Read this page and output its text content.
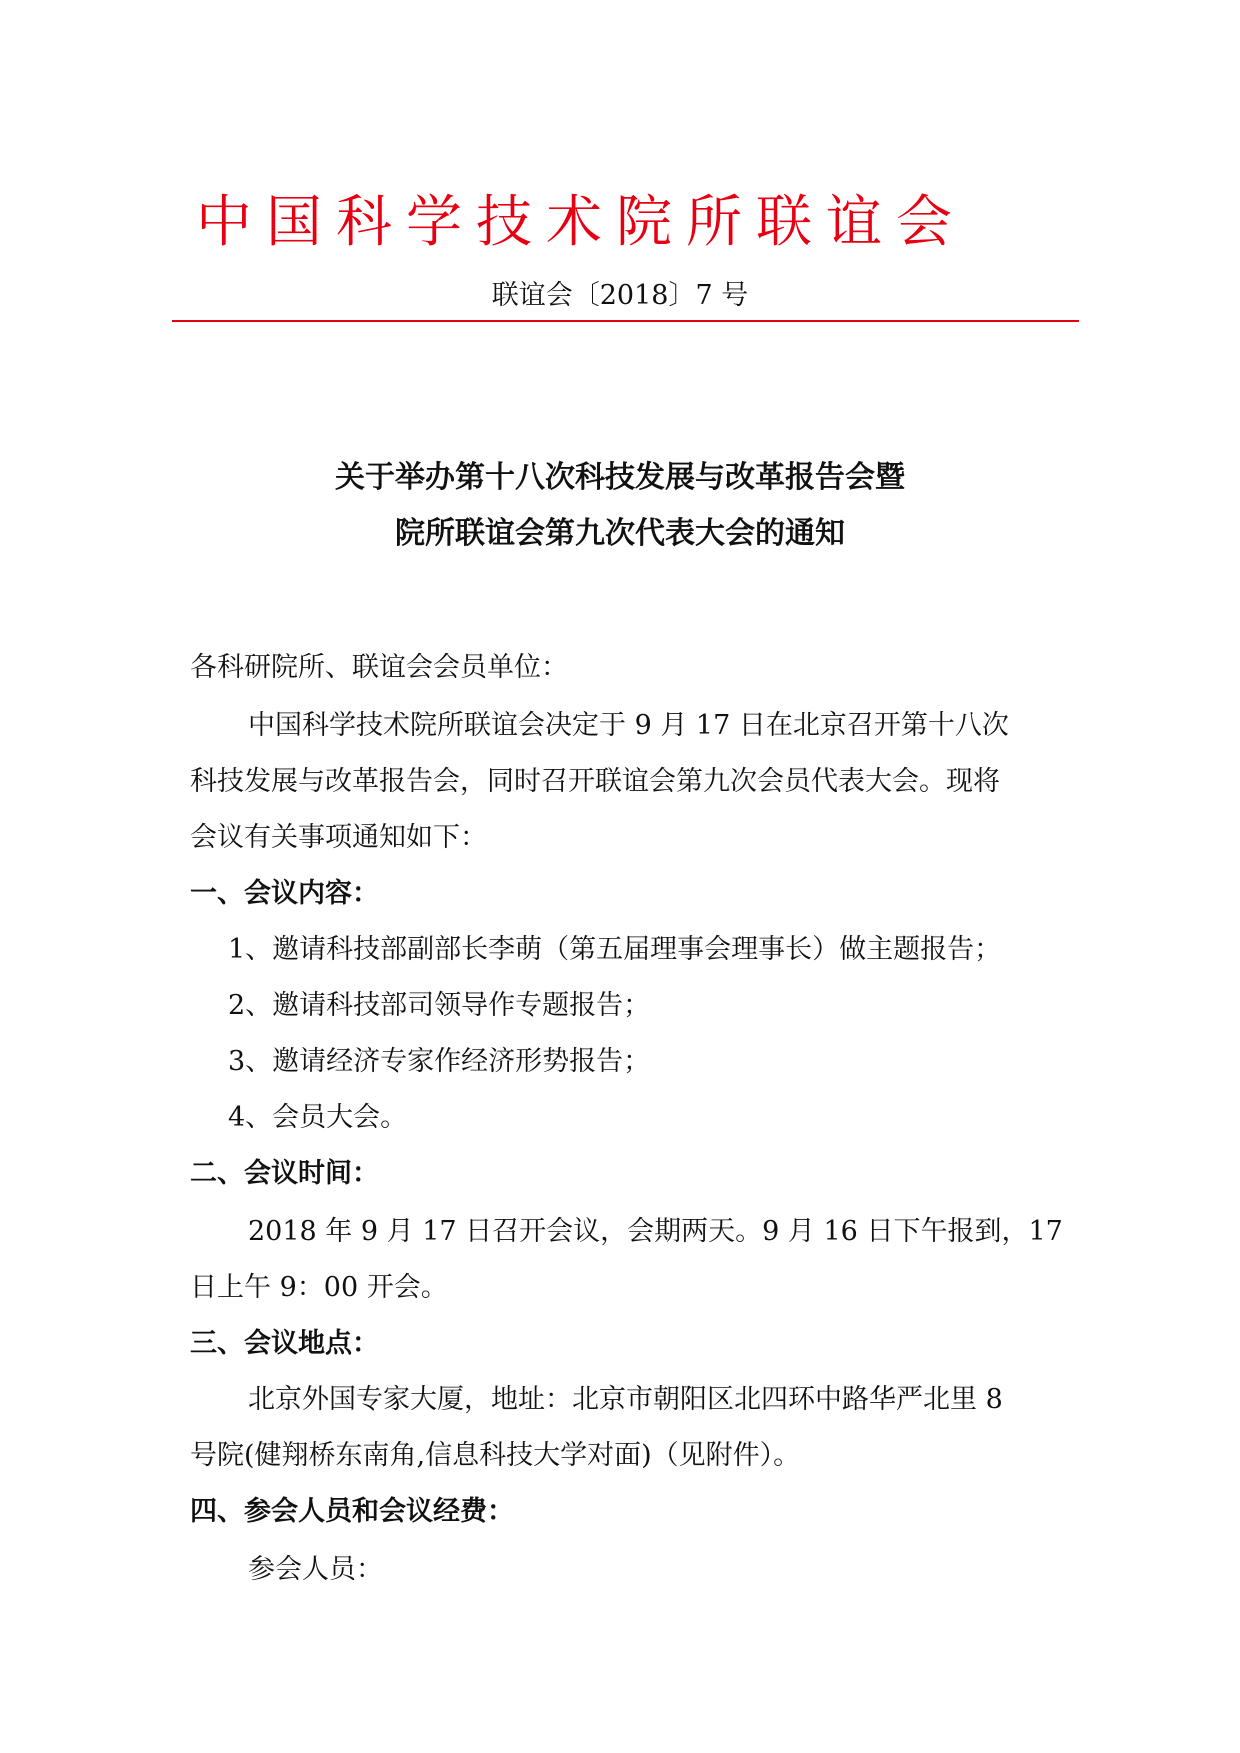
中国科学技术院所联谊会
联谊会〔2018〕7 号
关于举办第十八次科技发展与改革报告会暨
院所联谊会第九次代表大会的通知
各科研院所、联谊会会员单位：
中国科学技术院所联谊会决定于 9 月 17 日在北京召开第十八次
科技发展与改革报告会，同时召开联谊会第九次会员代表大会。现将
会议有关事项通知如下：
一、会议内容：
1、邀请科技部副部长李萌（第五届理事会理事长）做主题报告；
2、邀请科技部司领导作专题报告；
3、邀请经济专家作经济形势报告；
4、会员大会。
二、会议时间：
2018 年 9 月 17 日召开会议，会期两天。9 月 16 日下午报到，17
日上午 9：00 开会。
三、会议地点：
北京外国专家大厦，地址：北京市朝阳区北四环中路华严北里 8
号院(健翔桥东南角,信息科技大学对面)（见附件）。
四、参会人员和会议经费：
参会人员：
